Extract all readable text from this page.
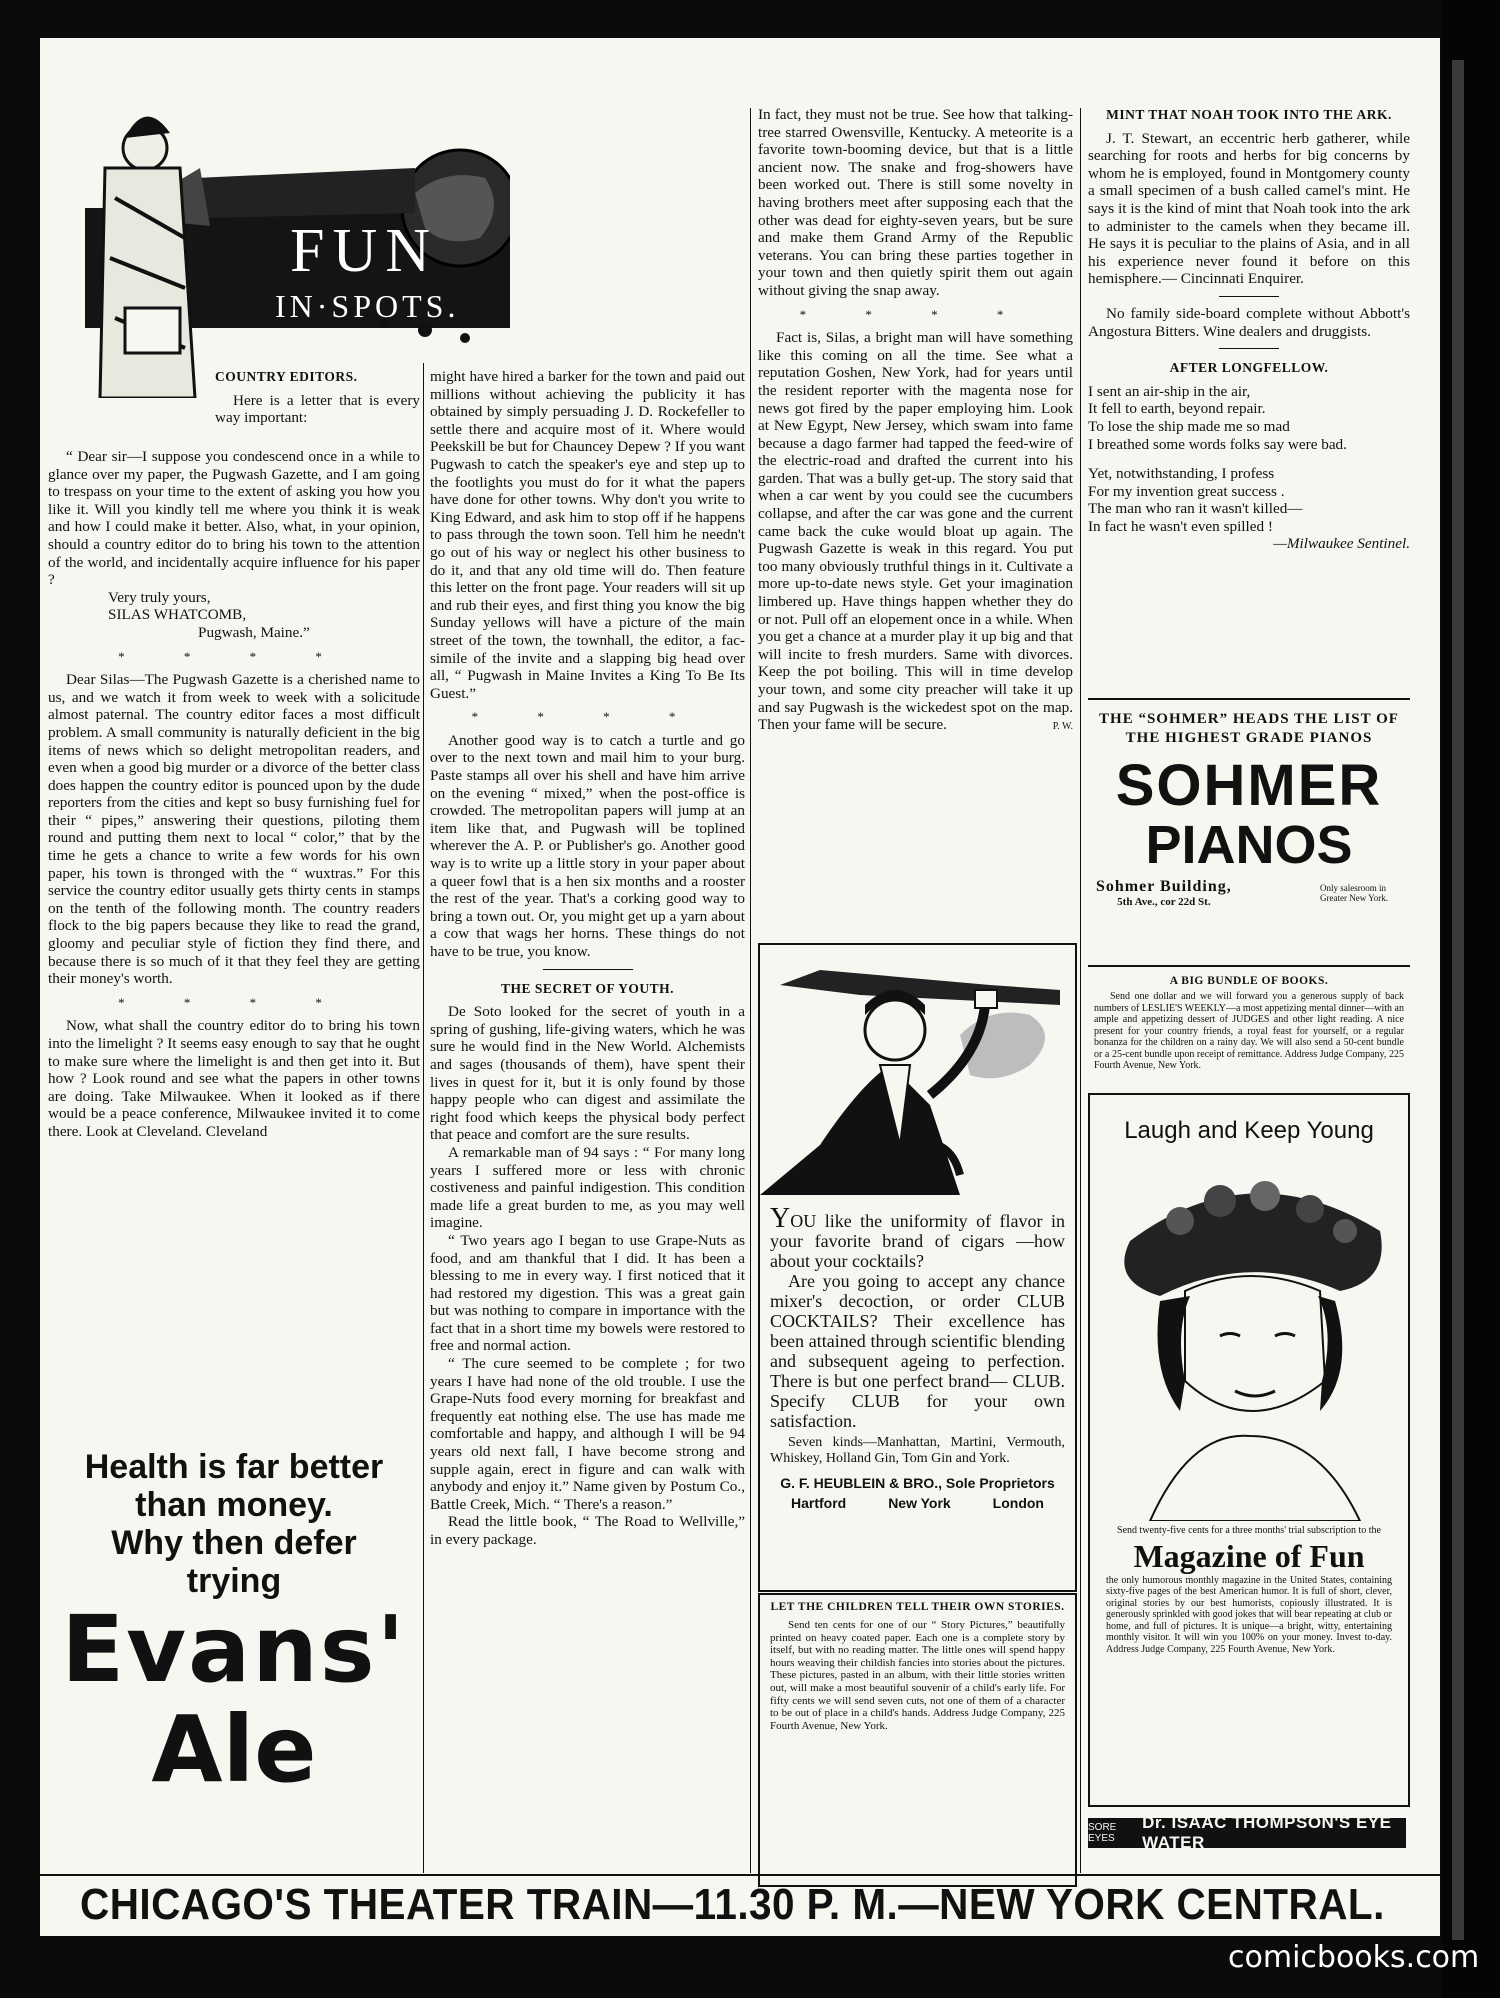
FUN
IN·SPOTS.
COUNTRY EDITORS.

Here is a letter that is every way important:

“ Dear sir—I suppose you condescend once in a while to glance over my paper, the Pugwash Gazette, and I am going to trespass on your time to the extent of asking you how you like it. Will you kindly tell me where you think it is weak and how I could make it better. Also, what, in your opinion, should a country editor do to bring his town to the attention of the world, and incidentally acquire influence for his paper ?

Very truly yours,
SILAS WHATCOMB,
Pugwash, Maine.”
* * * *

Dear Silas—The Pugwash Gazette is a cherished name to us, and we watch it from week to week with a solicitude almost paternal. The country editor faces a most difficult problem. A small community is naturally deficient in the big items of news which so delight metropolitan readers, and even when a good big murder or a divorce of the better class does happen the country editor is pounced upon by the dude reporters from the cities and kept so busy furnishing fuel for their “ pipes,” answering their questions, piloting them round and putting them next to local “ color,” that by the time he gets a chance to write a few words for his own paper, his town is thronged with the “ wuxtras.” For this service the country editor usually gets thirty cents in stamps on the tenth of the following month. The country readers flock to the big papers because they like to read the grand, gloomy and peculiar style of fiction they find there, and because there is so much of it that they feel they are getting their money's worth.

* * * *

Now, what shall the country editor do to bring his town into the limelight ? It seems easy enough to say that he ought to make sure where the limelight is and then get into it. But how ? Look round and see what the papers in other towns are doing. Take Milwaukee. When it looked as if there would be a peace conference, Milwaukee invited it to come there. Look at Cleveland. Cleveland

Health is far better
than money.
Why then defer
trying
Evans'
Ale

might have hired a barker for the town and paid out millions without achieving the publicity it has obtained by simply persuading J. D. Rockefeller to settle there and acquire most of it. Where would Peekskill be but for Chauncey Depew ? If you want Pugwash to catch the speaker's eye and step up to the footlights you must do for it what the papers have done for other towns. Why don't you write to King Edward, and ask him to stop off if he happens to pass through the town soon. Tell him he needn't go out of his way or neglect his other business to do it, and that any old time will do. Then feature this letter on the front page. Your readers will sit up and rub their eyes, and first thing you know the big Sunday yellows will have a picture of the main street of the town, the townhall, the editor, a fac-simile of the invite and a slapping big head over all, “ Pugwash in Maine Invites a King To Be Its Guest.”

* * * *

Another good way is to catch a turtle and go over to the next town and mail him to your burg. Paste stamps all over his shell and have him arrive on the evening “ mixed,” when the post-office is crowded. The metropolitan papers will jump at an item like that, and Pugwash will be toplined wherever the A. P. or Publisher's go. Another good way is to write up a little story in your paper about a queer fowl that is a hen six months and a rooster the rest of the year. That's a corking good way to bring a town out. Or, you might get up a yarn about a cow that wags her horns. These things do not have to be true, you know.

THE SECRET OF YOUTH.

De Soto looked for the secret of youth in a spring of gushing, life-giving waters, which he was sure he would find in the New World. Alchemists and sages (thousands of them), have spent their lives in quest for it, but it is only found by those happy people who can digest and assimilate the right food which keeps the physical body perfect that peace and comfort are the sure results.

A remarkable man of 94 says : “ For many long years I suffered more or less with chronic costiveness and painful indigestion. This condition made life a great burden to me, as you may well imagine.

“ Two years ago I began to use Grape-Nuts as food, and am thankful that I did. It has been a blessing to me in every way. I first noticed that it had restored my digestion. This was a great gain but was nothing to compare in importance with the fact that in a short time my bowels were restored to free and normal action.

“ The cure seemed to be complete ; for two years I have had none of the old trouble. I use the Grape-Nuts food every morning for breakfast and frequently eat nothing else. The use has made me comfortable and happy, and although I will be 94 years old next fall, I have become strong and supple again, erect in figure and can walk with anybody and enjoy it.” Name given by Postum Co., Battle Creek, Mich. “ There's a reason.”

Read the little book, “ The Road to Wellville,” in every package.

In fact, they must not be true. See how that talking-tree starred Owensville, Kentucky. A meteorite is a favorite town-booming device, but that is a little ancient now. The snake and frog-showers have been worked out. There is still some novelty in having brothers meet after supposing each that the other was dead for eighty-seven years, but be sure and make them Grand Army of the Republic veterans. You can bring these parties together in your town and then quietly spirit them out again without giving the snap away.

* * * *

Fact is, Silas, a bright man will have something like this coming on all the time. See what a reputation Goshen, New York, had for years until the resident reporter with the magenta nose for news got fired by the paper employing him. Look at New Egypt, New Jersey, which swam into fame because a dago farmer had tapped the feed-wire of the electric-road and drafted the current into his garden. That was a bully get-up. The story said that when a car went by you could see the cucumbers collapse, and after the car was gone and the current came back the cuke would bloat up again. The Pugwash Gazette is weak in this regard. You put too many obviously truthful things in it. Cultivate a more up-to-date news style. Get your imagination limbered up. Have things happen whether they do or not. Pull off an elopement once in a while. When you get a chance at a murder play it up big and that will incite to fresh murders. Same with divorces. Keep the pot boiling. This will in time develop your town, and some city preacher will take it up and say Pugwash is the wickedest spot on the map. Then your fame will be secure.	P. W.
YOU like the uniformity of flavor in your favorite brand of cigars —how about your cocktails?
Are you going to accept any chance mixer's decoction, or order CLUB COCKTAILS? Their excellence has been attained through scientific blending and subsequent ageing to perfection. There is but one perfect brand— CLUB. Specify CLUB for your own satisfaction.
Seven kinds—Manhattan, Martini, Vermouth, Whiskey, Holland Gin, Tom Gin and York.
G. F. HEUBLEIN & BRO., Sole Proprietors
Hartford	New York	London
LET THE CHILDREN TELL THEIR OWN STORIES.
Send ten cents for one of our “ Story Pictures,” beautifully printed on heavy coated paper. Each one is a complete story by itself, but with no reading matter. The little ones will spend happy hours weaving their childish fancies into stories about the pictures. These pictures, pasted in an album, with their little stories written out, will make a most beautiful souvenir of a child's early life. For fifty cents we will send seven cuts, not one of them of a character to be out of place in a child's hands. Address Judge Company, 225 Fourth Avenue, New York.
MINT THAT NOAH TOOK INTO THE ARK.

J. T. Stewart, an eccentric herb gatherer, while searching for roots and herbs for big concerns by whom he is employed, found in Montgomery county a small specimen of a bush called camel's mint. He says it is the kind of mint that Noah took into the ark to administer to the camels when they became ill. He says it is peculiar to the plains of Asia, and in all his experience never found it before on this hemisphere.— Cincinnati Enquirer.

No family side-board complete without Abbott's Angostura Bitters. Wine dealers and druggists.

AFTER LONGFELLOW.
I sent an air-ship in the air,
It fell to earth, beyond repair.
To lose the ship made me so mad
I breathed some words folks say were bad.
Yet, notwithstanding, I profess
For my invention great success .
The man who ran it wasn't killed—
In fact he wasn't even spilled !
—Milwaukee Sentinel.
THE “SOHMER” HEADS THE LIST OF THE HIGHEST GRADE PIANOS
SOHMER
PIANOS
Sohmer Building,
5th Ave., cor 22d St.
Only salesroom in Greater New York.
A BIG BUNDLE OF BOOKS.
Send one dollar and we will forward you a generous supply of back numbers of LESLIE'S WEEKLY—a most appetizing mental dinner—with an ample and appetizing dessert of JUDGES and other light reading. A nice present for your country friends, a royal feast for yourself, or a regular bonanza for the children on a rainy day. We will also send a 50-cent bundle or a 25-cent bundle upon receipt of remittance. Address Judge Company, 225 Fourth Avenue, New York.
Laugh and Keep Young
Send twenty-five cents for a three months' trial subscription to the
Magazine of Fun
the only humorous monthly magazine in the United States, containing sixty-five pages of the best American humor. It is full of short, clever, original stories by our best humorists, copiously illustrated. It is generously sprinkled with good jokes that will bear repeating at club or home, and full of pictures. It is unique—a bright, witty, entertaining monthly visitor. It will win you 100% on your money. Invest to-day. Address Judge Company, 225 Fourth Avenue, New York.
SORE EYES
Dr. ISAAC THOMPSON'S EYE WATER
CHICAGO'S THEATER TRAIN—11.30 P. M.—NEW YORK CENTRAL.
comicbooks.com
